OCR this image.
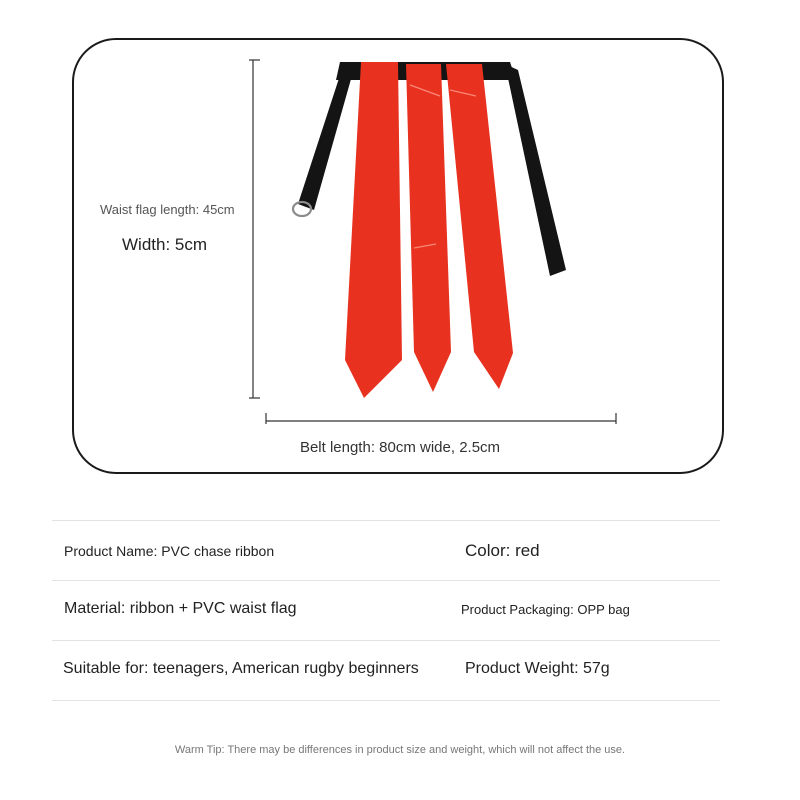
Waist flag length: 45cm
Width: 5cm
Belt length: 80cm wide, 2.5cm
Product Name: PVC chase ribbon	Color: red
Material: ribbon + PVC waist flag	Product Packaging: OPP bag
Suitable for: teenagers, American rugby beginners	Product Weight: 57g
Warm Tip: There may be differences in product size and weight, which will not affect the use.
